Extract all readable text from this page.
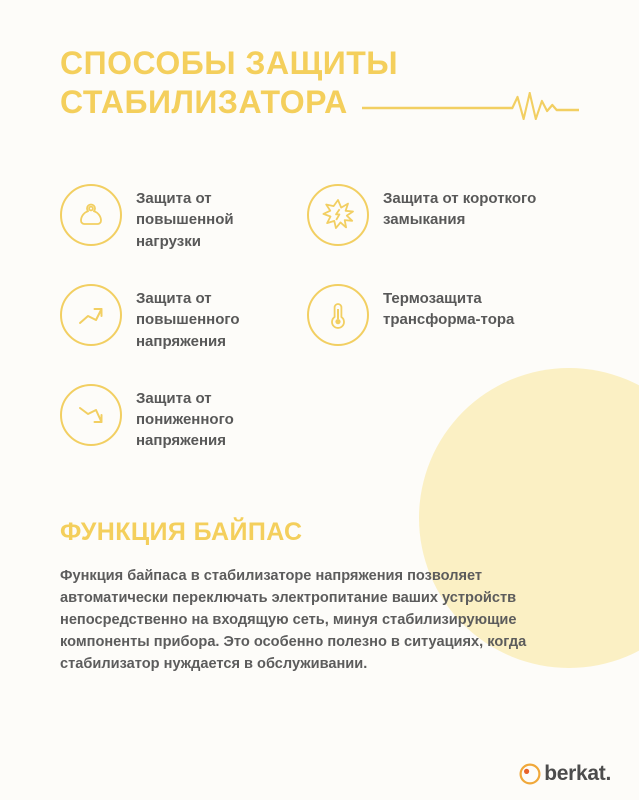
СПОСОБЫ ЗАЩИТЫ
СТАБИЛИЗАТОРА
Защита от повышенной нагрузки
Защита от короткого замыкания
Защита от повышенного напряжения
Термозащита трансформа-тора
Защита от пониженного напряжения
ФУНКЦИЯ БАЙПАС
Функция байпаса в стабилизаторе напряжения позволяет автоматически переключать электропитание ваших устройств непосредственно на входящую сеть, минуя стабилизирующие компоненты прибора. Это особенно полезно в ситуациях, когда стабилизатор нуждается в обслуживании.
berkat.
